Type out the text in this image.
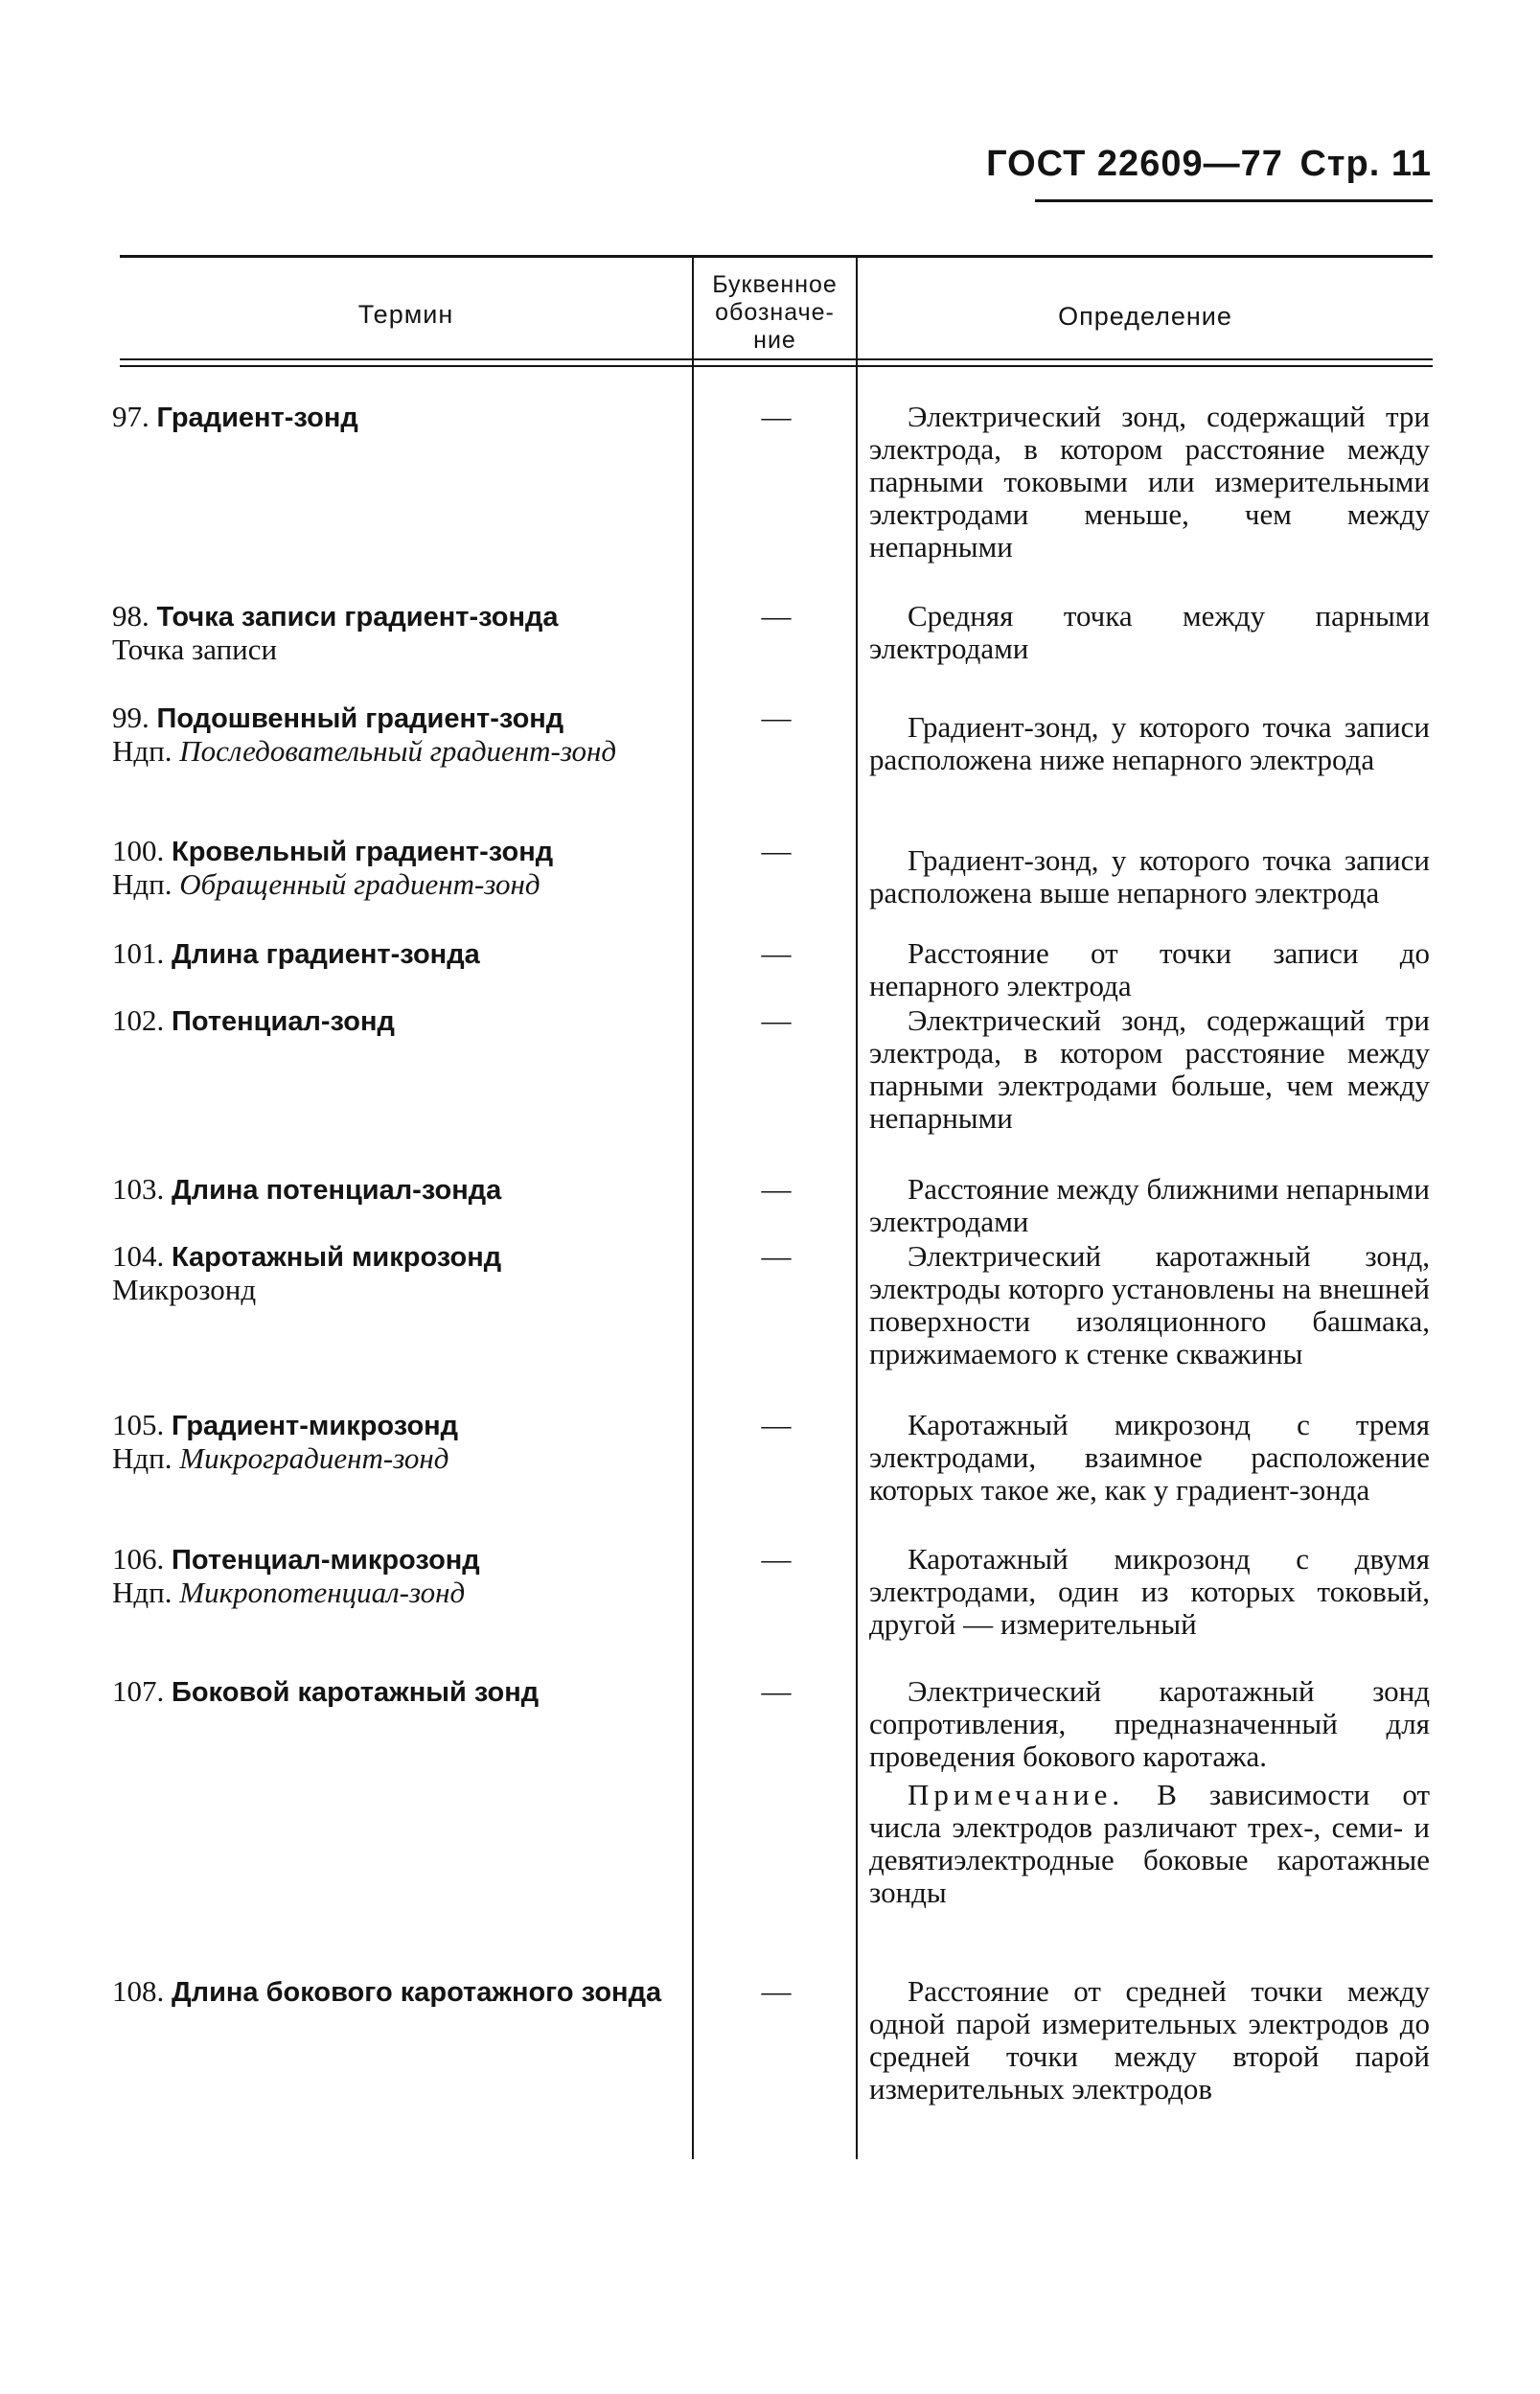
ГОСТ 22609—77 Стр. 11
Термин
Буквенное обозначе-ние
Определение
97. Градиент-зонд	—	Электрический зонд, содержащий три электрода, в котором расстояние между парными токовыми или измерительными электродами меньше, чем между непарными
98. Точка записи градиент-зонда
Точка записи
—	Средняя точка между парными электродами
99. Подошвенный градиент-зонд
Ндп. Последовательный градиент-зонд
—	Градиент-зонд, у которого точка записи расположена ниже непарного электрода
100. Кровельный градиент-зонд
Ндп. Обращенный градиент-зонд
—	Градиент-зонд, у которого точка записи расположена выше непарного электрода
101. Длина градиент-зонда	—	Расстояние от точки записи до непарного электрода
102. Потенциал-зонд	—	Электрический зонд, содержащий три электрода, в котором расстояние между парными электродами больше, чем между непарными
103. Длина потенциал-зонда	—	Расстояние между ближними непарными электродами
104. Каротажный микрозонд
Микрозонд
—	Электрический каротажный зонд, электроды которго установлены на внешней поверхности изоляционного башмака, прижимаемого к стенке скважины
105. Градиент-микрозонд
Ндп. Микроградиент-зонд
—	Каротажный микрозонд с тремя электродами, взаимное расположение которых такое же, как у градиент-зонда
106. Потенциал-микрозонд
Ндп. Микропотенциал-зонд
—	Каротажный микрозонд с двумя электродами, один из которых токовый, другой — измерительный
107. Боковой каротажный зонд	—	Электрический каротажный зонд сопротивления, предназначенный для проведения бокового каротажа.
Примечание. В зависимости от числа электродов различают трех-, семи- и девятиэлектродные боковые каротажные зонды
108. Длина бокового каротажного зонда	—	Расстояние от средней точки между одной парой измерительных электродов до средней точки между второй парой измерительных электродов
